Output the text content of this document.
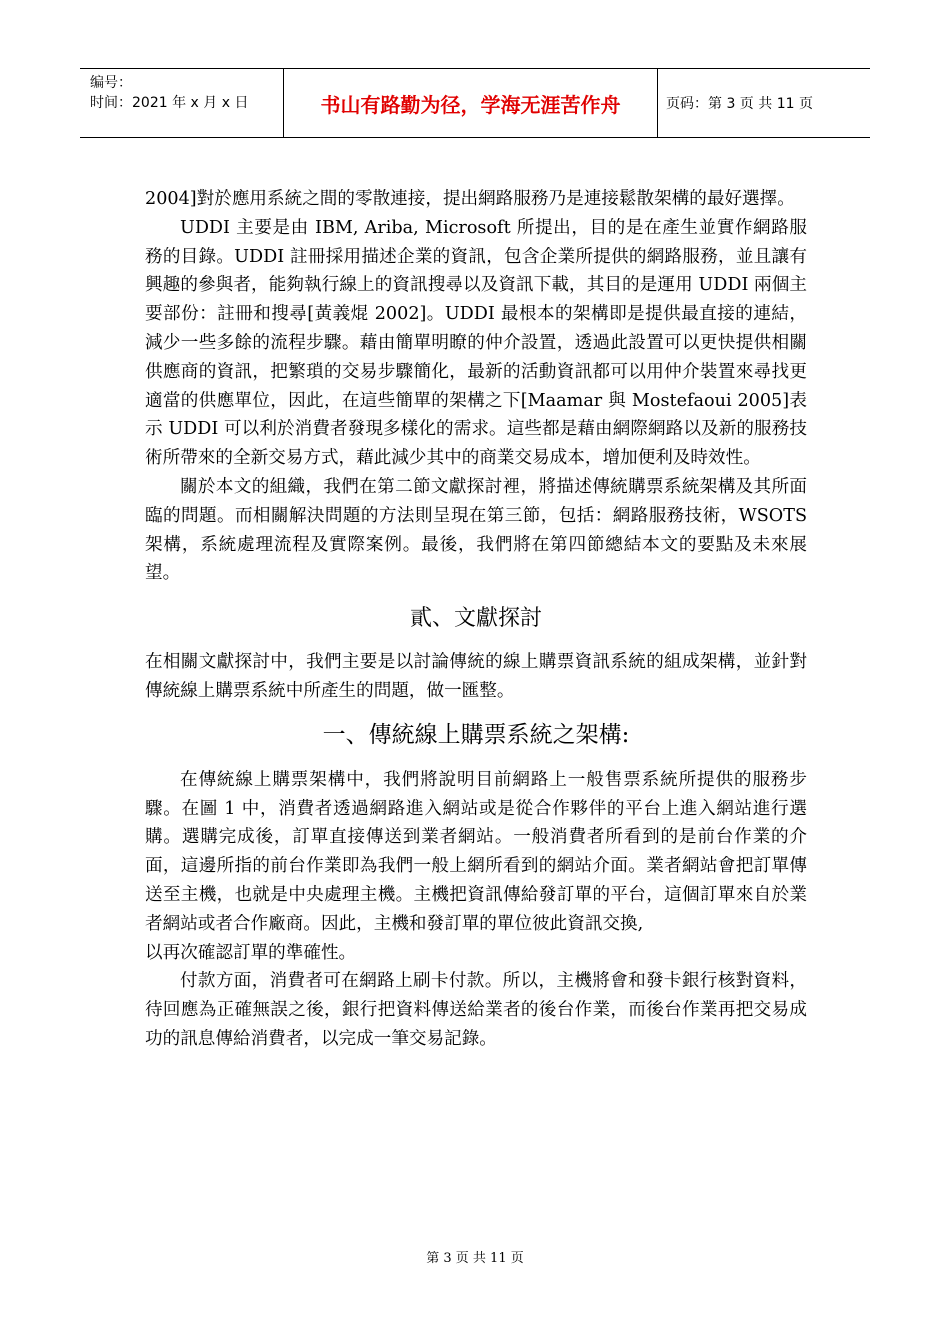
编号：
时间：2021 年 x 月 x 日	书山有路勤为径，学海无涯苦作舟	页码：第 3 页 共 11 页

2004]對於應用系統之間的零散連接，提出網路服務乃是連接鬆散架構的最好選擇。

UDDI 主要是由 IBM, Ariba, Microsoft 所提出，目的是在產生並實作網路服務的目錄。UDDI 註冊採用描述企業的資訊，包含企業所提供的網路服務，並且讓有興趣的參與者，能夠執行線上的資訊搜尋以及資訊下載，其目的是運用 UDDI 兩個主要部份：註冊和搜尋[黃義焜 2002]。UDDI 最根本的架構即是提供最直接的連結，減少一些多餘的流程步驟。藉由簡單明瞭的仲介設置，透過此設置可以更快提供相關供應商的資訊，把繁瑣的交易步驟簡化，最新的活動資訊都可以用仲介裝置來尋找更適當的供應單位，因此，在這些簡單的架構之下[Maamar 與 Mostefaoui 2005]表示 UDDI 可以利於消費者發現多樣化的需求。這些都是藉由網際網路以及新的服務技術所帶來的全新交易方式，藉此減少其中的商業交易成本，增加便利及時效性。

關於本文的組織，我們在第二節文獻探討裡，將描述傳統購票系統架構及其所面臨的問題。而相關解決問題的方法則呈現在第三節，包括：網路服務技術，WSOTS 架構，系統處理流程及實際案例。最後，我們將在第四節總結本文的要點及未來展望。

貳、文獻探討

在相關文獻探討中，我們主要是以討論傳統的線上購票資訊系統的組成架構，並針對傳統線上購票系統中所產生的問題，做一匯整。

一、傳統線上購票系統之架構:

在傳統線上購票架構中，我們將說明目前網路上一般售票系統所提供的服務步驟。在圖 1 中，消費者透過網路進入網站或是從合作夥伴的平台上進入網站進行選購。選購完成後，訂單直接傳送到業者網站。一般消費者所看到的是前台作業的介面，這邊所指的前台作業即為我們一般上網所看到的網站介面。業者網站會把訂單傳送至主機，也就是中央處理主機。主機把資訊傳給發訂單的平台，這個訂單來自於業者網站或者合作廠商。因此，主機和發訂單的單位彼此資訊交換,

以再次確認訂單的準確性。

付款方面，消費者可在網路上刷卡付款。所以，主機將會和發卡銀行核對資料，待回應為正確無誤之後，銀行把資料傳送給業者的後台作業，而後台作業再把交易成功的訊息傳給消費者，以完成一筆交易記錄。

第 3 页 共 11 页
